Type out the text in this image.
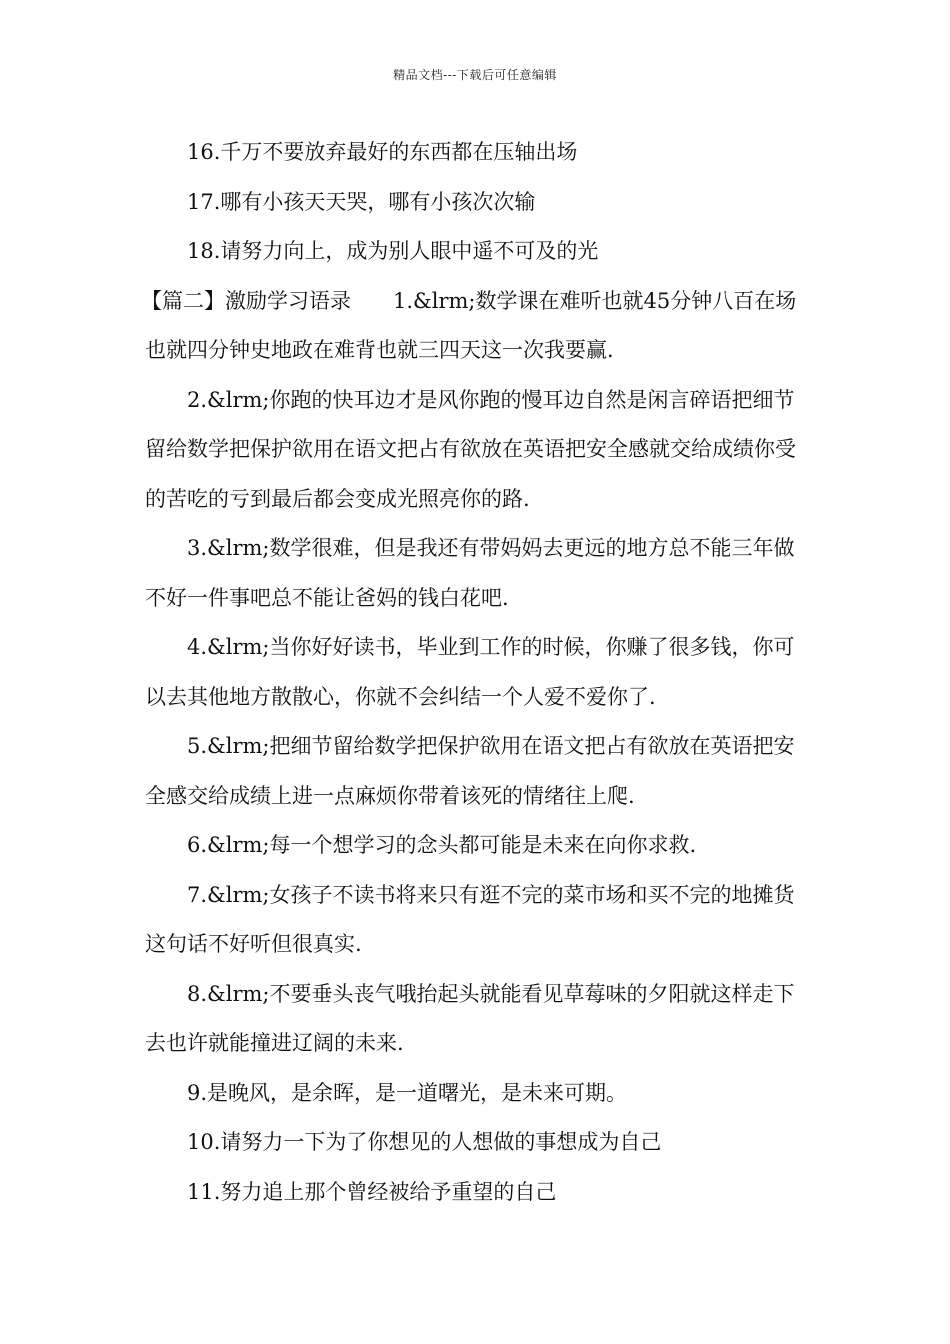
精品文档---下载后可任意编辑

16.千万不要放弃最好的东西都在压轴出场

17.哪有小孩天天哭，哪有小孩次次输

18.请努力向上，成为别人眼中遥不可及的光

【篇二】激励学习语录　　1.&lrm;数学课在难听也就45分钟八百在场也就四分钟史地政在难背也就三四天这一次我要赢.

2.&lrm;你跑的快耳边才是风你跑的慢耳边自然是闲言碎语把细节留给数学把保护欲用在语文把占有欲放在英语把安全感就交给成绩你受的苦吃的亏到最后都会变成光照亮你的路.

3.&lrm;数学很难，但是我还有带妈妈去更远的地方总不能三年做不好一件事吧总不能让爸妈的钱白花吧.

4.&lrm;当你好好读书，毕业到工作的时候，你赚了很多钱，你可以去其他地方散散心，你就不会纠结一个人爱不爱你了.

5.&lrm;把细节留给数学把保护欲用在语文把占有欲放在英语把安全感交给成绩上进一点麻烦你带着该死的情绪往上爬.

6.&lrm;每一个想学习的念头都可能是未来在向你求救.

7.&lrm;女孩子不读书将来只有逛不完的菜市场和买不完的地摊货这句话不好听但很真实.

8.&lrm;不要垂头丧气哦抬起头就能看见草莓味的夕阳就这样走下去也许就能撞进辽阔的未来.

9.是晚风，是余晖，是一道曙光，是未来可期。

10.请努力一下为了你想见的人想做的事想成为自己

11.努力追上那个曾经被给予重望的自己
